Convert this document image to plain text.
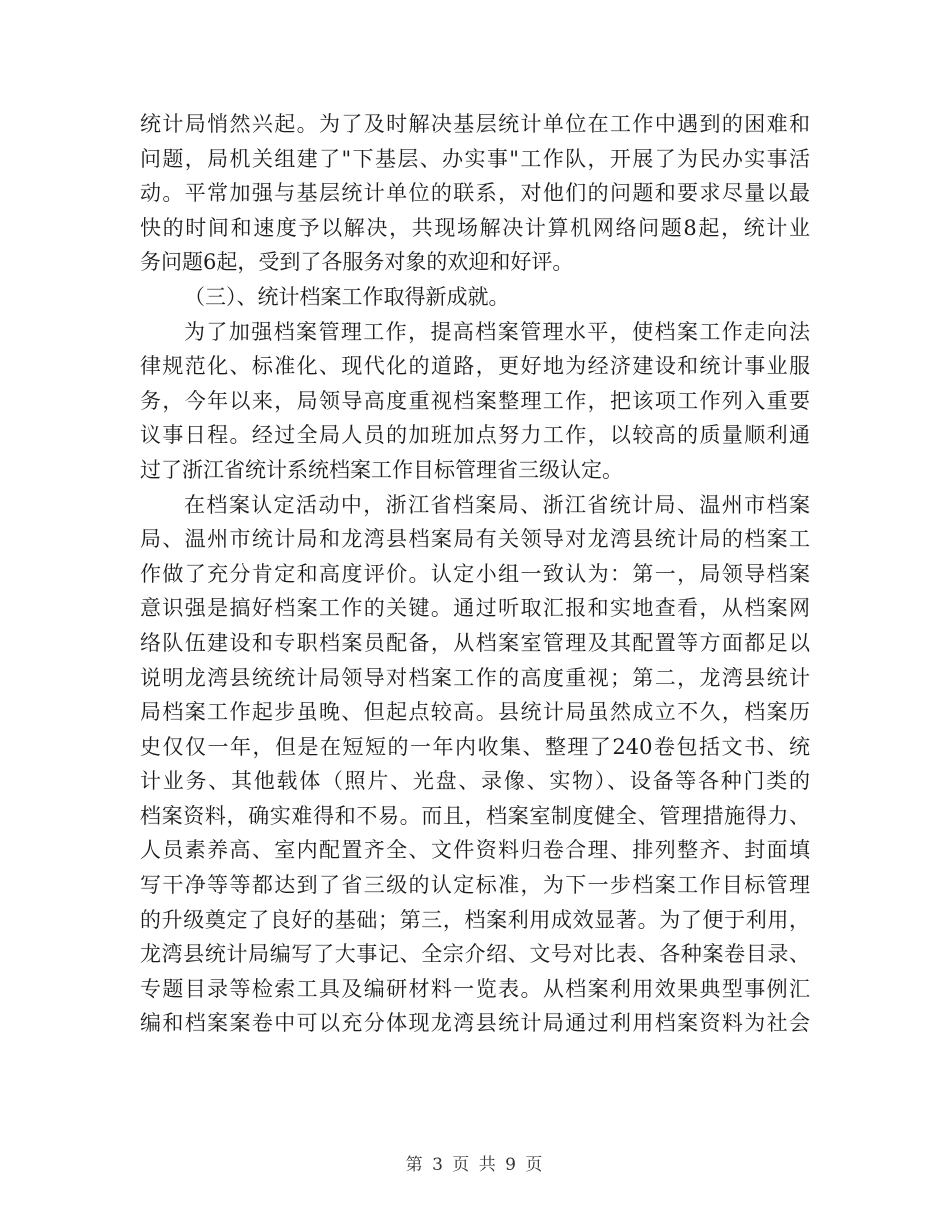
统计局悄然兴起。为了及时解决基层统计单位在工作中遇到的困难和
问题，局机关组建了"下基层、办实事"工作队，开展了为民办实事活
动。平常加强与基层统计单位的联系，对他们的问题和要求尽量以最
快的时间和速度予以解决，共现场解决计算机网络问题8起，统计业
务问题6起，受到了各服务对象的欢迎和好评。
（三）、统计档案工作取得新成就。
为了加强档案管理工作，提高档案管理水平，使档案工作走向法
律规范化、标准化、现代化的道路，更好地为经济建设和统计事业服
务，今年以来，局领导高度重视档案整理工作，把该项工作列入重要
议事日程。经过全局人员的加班加点努力工作，以较高的质量顺利通
过了浙江省统计系统档案工作目标管理省三级认定。
在档案认定活动中，浙江省档案局、浙江省统计局、温州市档案
局、温州市统计局和龙湾县档案局有关领导对龙湾县统计局的档案工
作做了充分肯定和高度评价。认定小组一致认为：第一，局领导档案
意识强是搞好档案工作的关键。通过听取汇报和实地查看，从档案网
络队伍建设和专职档案员配备，从档案室管理及其配置等方面都足以
说明龙湾县统统计局领导对档案工作的高度重视；第二，龙湾县统计
局档案工作起步虽晚、但起点较高。县统计局虽然成立不久，档案历
史仅仅一年，但是在短短的一年内收集、整理了240卷包括文书、统
计业务、其他载体（照片、光盘、录像、实物）、设备等各种门类的
档案资料，确实难得和不易。而且，档案室制度健全、管理措施得力、
人员素养高、室内配置齐全、文件资料归卷合理、排列整齐、封面填
写干净等等都达到了省三级的认定标准，为下一步档案工作目标管理
的升级奠定了良好的基础；第三，档案利用成效显著。为了便于利用，
龙湾县统计局编写了大事记、全宗介绍、文号对比表、各种案卷目录、
专题目录等检索工具及编研材料一览表。从档案利用效果典型事例汇
编和档案案卷中可以充分体现龙湾县统计局通过利用档案资料为社会
第 3 页 共 9 页
